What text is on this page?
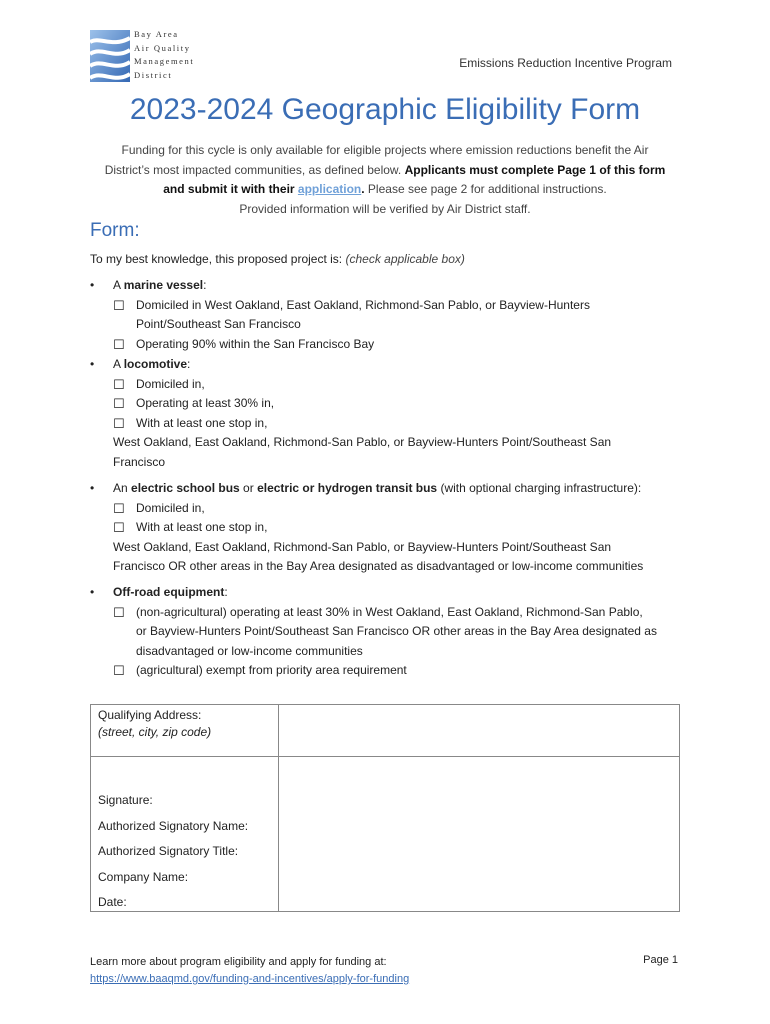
Bay Area
Air Quality
Management
District
Emissions Reduction Incentive Program
2023-2024 Geographic Eligibility Form
Funding for this cycle is only available for eligible projects where emission reductions benefit the Air
District’s most impacted communities, as defined below. Applicants must complete Page 1 of this form
and submit it with their application. Please see page 2 for additional instructions.
Provided information will be verified by Air District staff.
Form:
To my best knowledge, this proposed project is: (check applicable box)
• A marine vessel:
☐ Domiciled in West Oakland, East Oakland, Richmond-San Pablo, or Bayview-Hunters
Point/Southeast San Francisco
☐ Operating 90% within the San Francisco Bay
• A locomotive:
☐ Domiciled in,
☐ Operating at least 30% in,
☐ With at least one stop in,
West Oakland, East Oakland, Richmond-San Pablo, or Bayview-Hunters Point/Southeast San
Francisco
• An electric school bus or electric or hydrogen transit bus (with optional charging infrastructure):
☐ Domiciled in,
☐ With at least one stop in,
West Oakland, East Oakland, Richmond-San Pablo, or Bayview-Hunters Point/Southeast San
Francisco OR other areas in the Bay Area designated as disadvantaged or low-income communities
• Off-road equipment:
☐ (non-agricultural) operating at least 30% in West Oakland, East Oakland, Richmond-San Pablo,
or Bayview-Hunters Point/Southeast San Francisco OR other areas in the Bay Area designated as
disadvantaged or low-income communities
☐ (agricultural) exempt from priority area requirement
Qualifying Address:
(street, city, zip code)
Signature:
Authorized Signatory Name:
Authorized Signatory Title:
Company Name:
Date:
Learn more about program eligibility and apply for funding at:
https://www.baaqmd.gov/funding-and-incentives/apply-for-funding
Page 1
